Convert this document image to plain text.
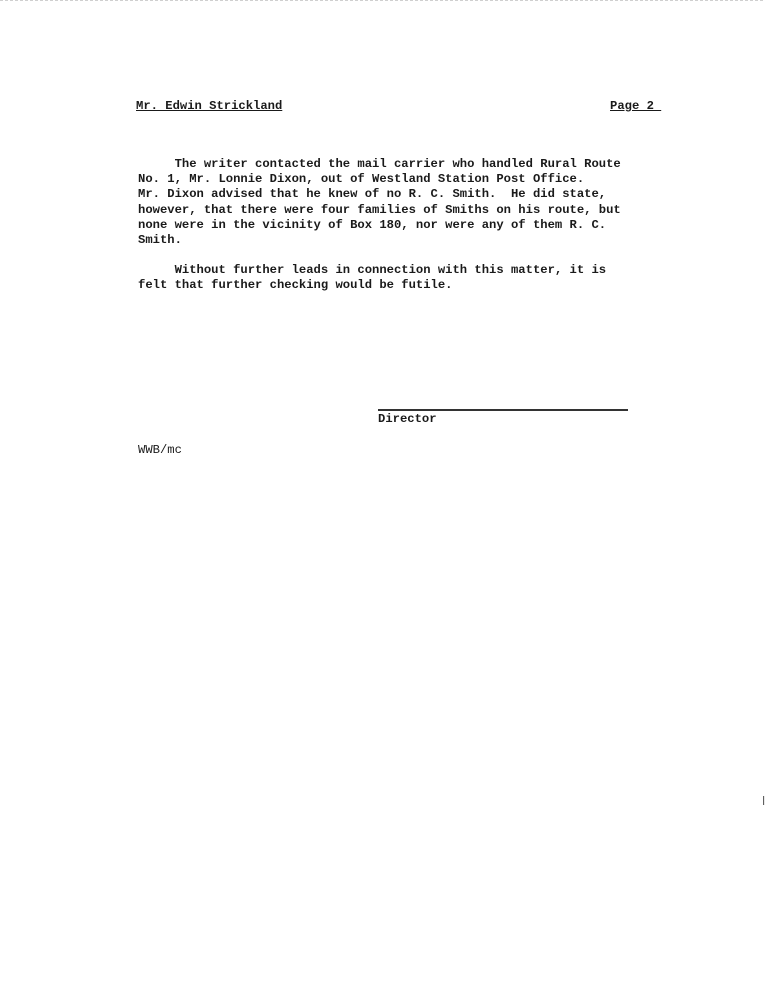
Mr. Edwin Strickland	Page 2
The writer contacted the mail carrier who handled Rural Route
No. 1, Mr. Lonnie Dixon, out of Westland Station Post Office.
Mr. Dixon advised that he knew of no R. C. Smith.  He did state,
however, that there were four families of Smiths on his route, but
none were in the vicinity of Box 180, nor were any of them R. C.
Smith.
Without further leads in connection with this matter, it is
felt that further checking would be futile.
Director
WWB/mc
ǀ
